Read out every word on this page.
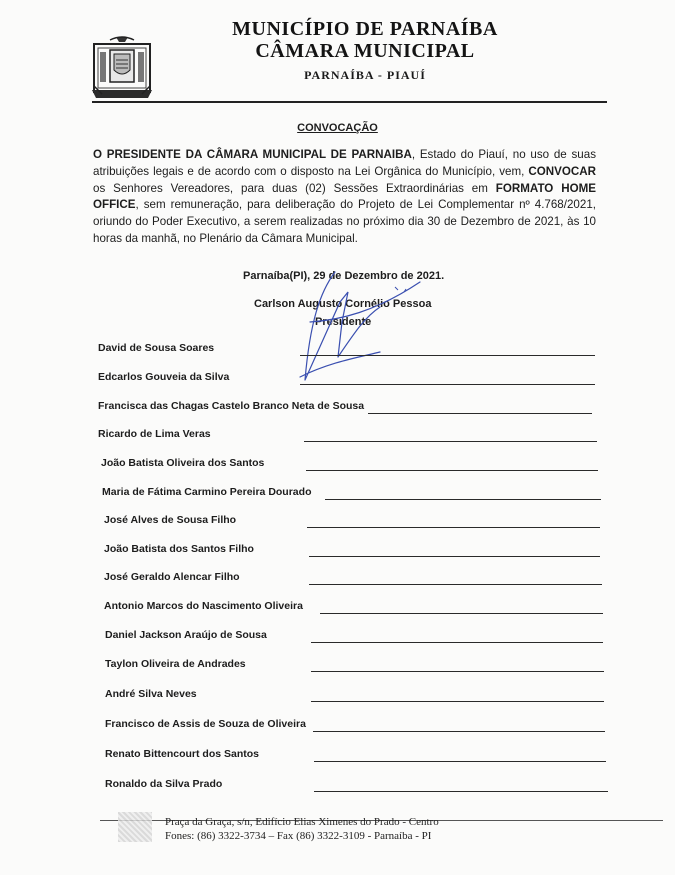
MUNICÍPIO DE PARNAÍBA
CÂMARA MUNICIPAL
PARNAÍBA - PIAUÍ
CONVOCAÇÃO
O PRESIDENTE DA CÂMARA MUNICIPAL DE PARNAIBA, Estado do Piauí, no uso de suas atribuições legais e de acordo com o disposto na Lei Orgânica do Município, vem, CONVOCAR os Senhores Vereadores, para duas (02) Sessões Extraordinárias em FORMATO HOME OFFICE, sem remuneração, para deliberação do Projeto de Lei Complementar nº 4.768/2021, oriundo do Poder Executivo, a serem realizadas no próximo dia 30 de Dezembro de 2021, às 10 horas da manhã, no Plenário da Câmara Municipal.
Parnaíba(PI), 29 de Dezembro de 2021.
Carlson Augusto Cornélio Pessoa
Presidente
David de Sousa Soares
Edcarlos Gouveia da Silva
Francisca das Chagas Castelo Branco Neta de Sousa
Ricardo de Lima Veras
João Batista Oliveira dos Santos
Maria de Fátima Carmino Pereira Dourado
José Alves de Sousa Filho
João Batista dos Santos Filho
José Geraldo Alencar Filho
Antonio Marcos do Nascimento Oliveira
Daniel Jackson Araújo de Sousa
Taylon Oliveira de Andrades
André Silva Neves
Francisco de Assis de Souza de Oliveira
Renato Bittencourt dos Santos
Ronaldo da Silva Prado
Praça da Graça, s/n, Edifício Elias Ximenes do Prado - Centro
Fones: (86) 3322-3734 – Fax (86) 3322-3109 - Parnaíba - PI
